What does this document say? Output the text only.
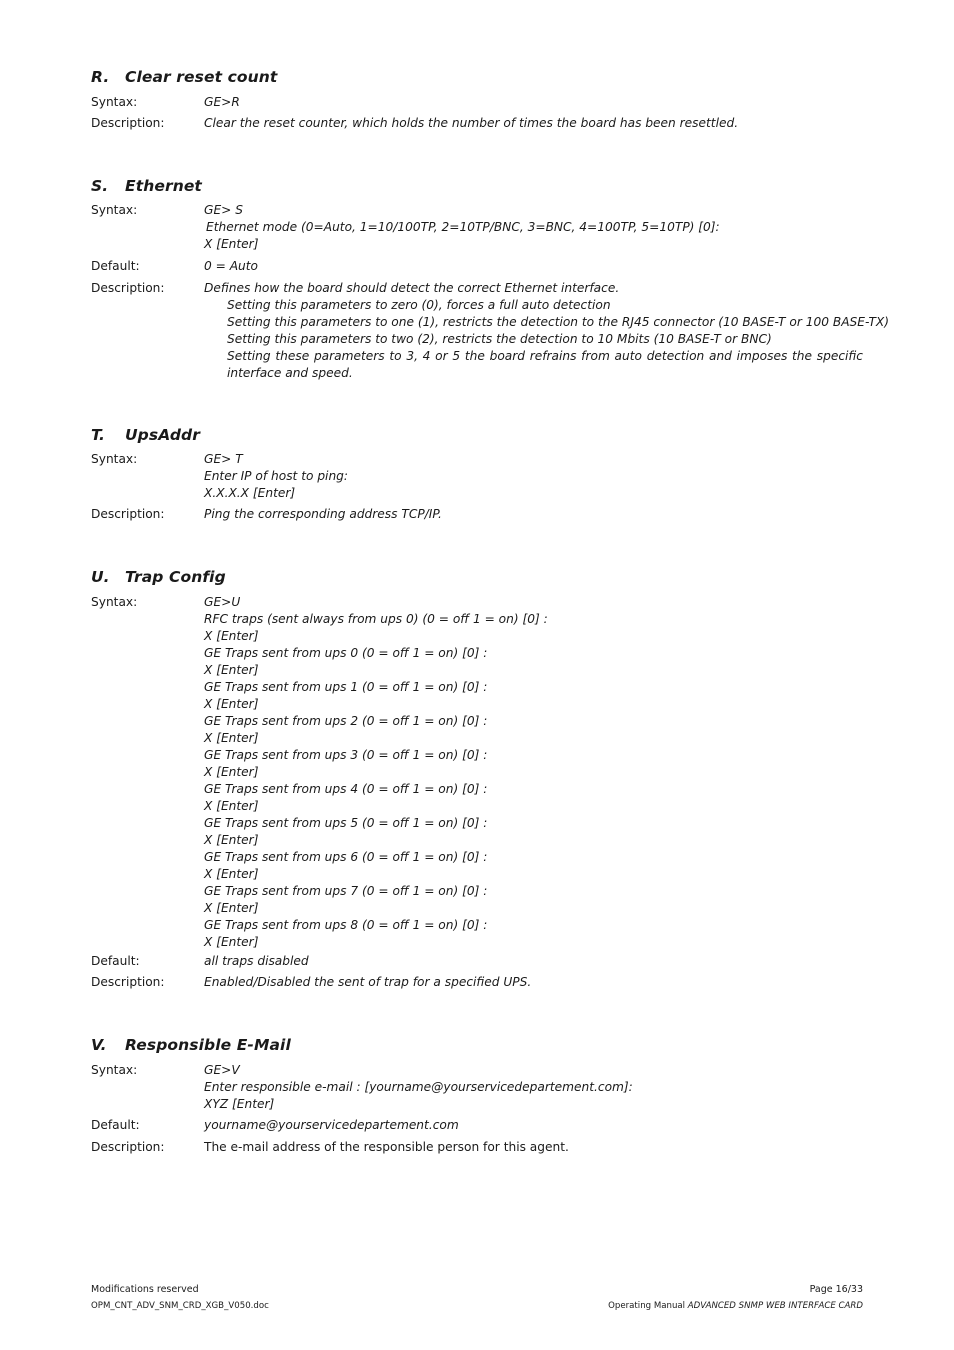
R. Clear reset count
Syntax:	GE>R
Description:	Clear the reset counter, which holds the number of times the board has been resettled.
S. Ethernet
Syntax:	GE> S
Ethernet mode (0=Auto, 1=10/100TP, 2=10TP/BNC, 3=BNC, 4=100TP, 5=10TP) [0]:
X [Enter]
Default:	0 = Auto
Description:	Defines how the board should detect the correct Ethernet interface.
Setting this parameters to zero (0), forces a full auto detection
Setting this parameters to one (1), restricts the detection to the RJ45 connector (10 BASE-T or 100 BASE-TX)
Setting this parameters to two (2), restricts the detection to 10 Mbits (10 BASE-T or BNC)
Setting these parameters to 3, 4 or 5 the board refrains from auto detection and imposes the specific
interface and speed.
T. UpsAddr
Syntax:	GE> T
Enter IP of host to ping:
X.X.X.X [Enter]
Description:	Ping the corresponding address TCP/IP.
U. Trap Config
Syntax:	GE>U
RFC traps (sent always from ups 0) (0 = off 1 = on) [0] :
X [Enter]
GE Traps sent from ups 0 (0 = off 1 = on) [0] :
X [Enter]
GE Traps sent from ups 1 (0 = off 1 = on) [0] :
X [Enter]
GE Traps sent from ups 2 (0 = off 1 = on) [0] :
X [Enter]
GE Traps sent from ups 3 (0 = off 1 = on) [0] :
X [Enter]
GE Traps sent from ups 4 (0 = off 1 = on) [0] :
X [Enter]
GE Traps sent from ups 5 (0 = off 1 = on) [0] :
X [Enter]
GE Traps sent from ups 6 (0 = off 1 = on) [0] :
X [Enter]
GE Traps sent from ups 7 (0 = off 1 = on) [0] :
X [Enter]
GE Traps sent from ups 8 (0 = off 1 = on) [0] :
X [Enter]
Default:	all traps disabled
Description:	Enabled/Disabled the sent of trap for a specified UPS.
V. Responsible E-Mail
Syntax:	GE>V
Enter responsible e-mail : [yourname@yourservicedepartement.com]:
XYZ [Enter]
Default:	yourname@yourservicedepartement.com
Description:	The e-mail address of the responsible person for this agent.
Modifications reserved	Page 16/33
OPM_CNT_ADV_SNM_CRD_XGB_V050.doc	Operating Manual ADVANCED SNMP WEB INTERFACE CARD
